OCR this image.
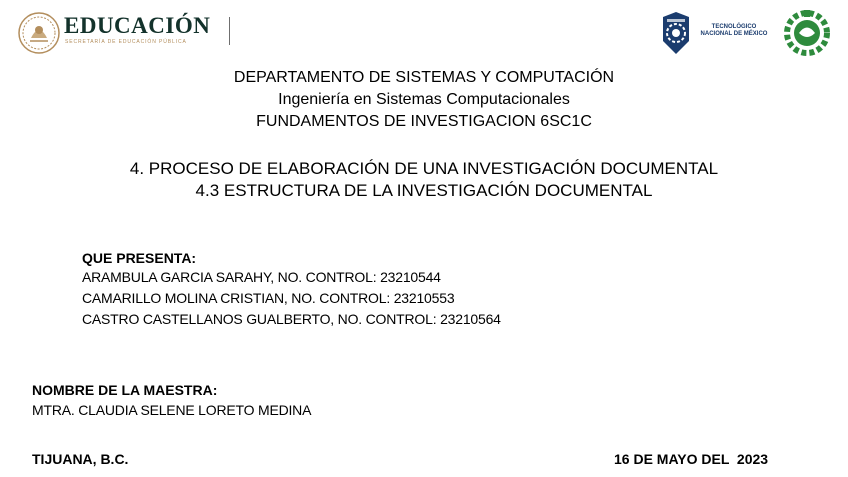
EDUCACIÓN
SECRETARÍA DE EDUCACIÓN PÚBLICA
TECNOLÓGICO
NACIONAL DE MÉXICO
DEPARTAMENTO DE SISTEMAS Y COMPUTACIÓN
Ingeniería en Sistemas Computacionales
FUNDAMENTOS DE INVESTIGACION 6SC1C
4. PROCESO DE ELABORACIÓN DE UNA INVESTIGACIÓN DOCUMENTAL
4.3 ESTRUCTURA DE LA INVESTIGACIÓN DOCUMENTAL
QUE PRESENTA:
ARAMBULA GARCIA SARAHY, NO. CONTROL: 23210544
CAMARILLO MOLINA CRISTIAN, NO. CONTROL: 23210553
CASTRO CASTELLANOS GUALBERTO, NO. CONTROL: 23210564
NOMBRE DE LA MAESTRA:
MTRA. CLAUDIA SELENE LORETO MEDINA
TIJUANA, B.C.	16 DE MAYO DEL  2023
